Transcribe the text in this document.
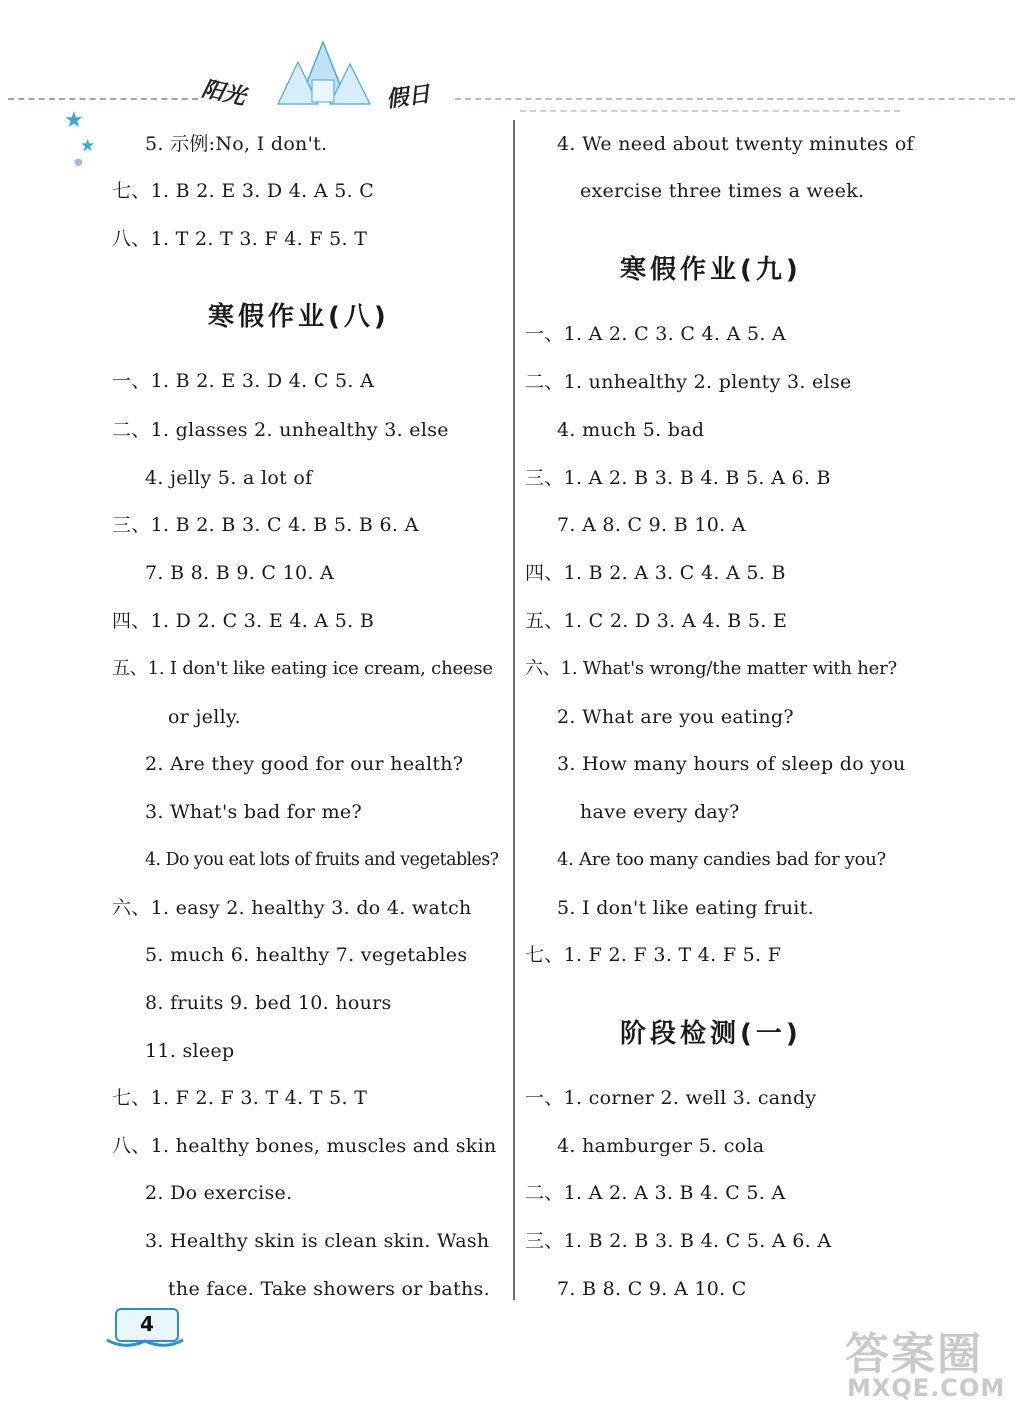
阳光	假日
★
★
●
5. 示例:No, I don't.
七、1. B 2. E 3. D 4. A 5. C
八、1. T 2. T 3. F 4. F 5. T
寒假作业(八)
一、1. B 2. E 3. D 4. C 5. A
二、1. glasses 2. unhealthy 3. else
4. jelly 5. a lot of
三、1. B 2. B 3. C 4. B 5. B 6. A
7. B 8. B 9. C 10. A
四、1. D 2. C 3. E 4. A 5. B
五、1. I don't like eating ice cream, cheese
or jelly.
2. Are they good for our health?
3. What's bad for me?
4. Do you eat lots of fruits and vegetables?
六、1. easy 2. healthy 3. do 4. watch
5. much 6. healthy 7. vegetables
8. fruits 9. bed 10. hours
11. sleep
七、1. F 2. F 3. T 4. T 5. T
八、1. healthy bones, muscles and skin
2. Do exercise.
3. Healthy skin is clean skin. Wash
the face. Take showers or baths.
4. We need about twenty minutes of
exercise three times a week.
寒假作业(九)
一、1. A 2. C 3. C 4. A 5. A
二、1. unhealthy 2. plenty 3. else
4. much 5. bad
三、1. A 2. B 3. B 4. B 5. A 6. B
7. A 8. C 9. B 10. A
四、1. B 2. A 3. C 4. A 5. B
五、1. C 2. D 3. A 4. B 5. E
六、1. What's wrong/the matter with her?
2. What are you eating?
3. How many hours of sleep do you
have every day?
4. Are too many candies bad for you?
5. I don't like eating fruit.
七、1. F 2. F 3. T 4. F 5. F
阶段检测(一)
一、1. corner 2. well 3. candy
4. hamburger 5. cola
二、1. A 2. A 3. B 4. C 5. A
三、1. B 2. B 3. B 4. C 5. A 6. A
7. B 8. C 9. A 10. C
4
答案圈
MXQE.COM
